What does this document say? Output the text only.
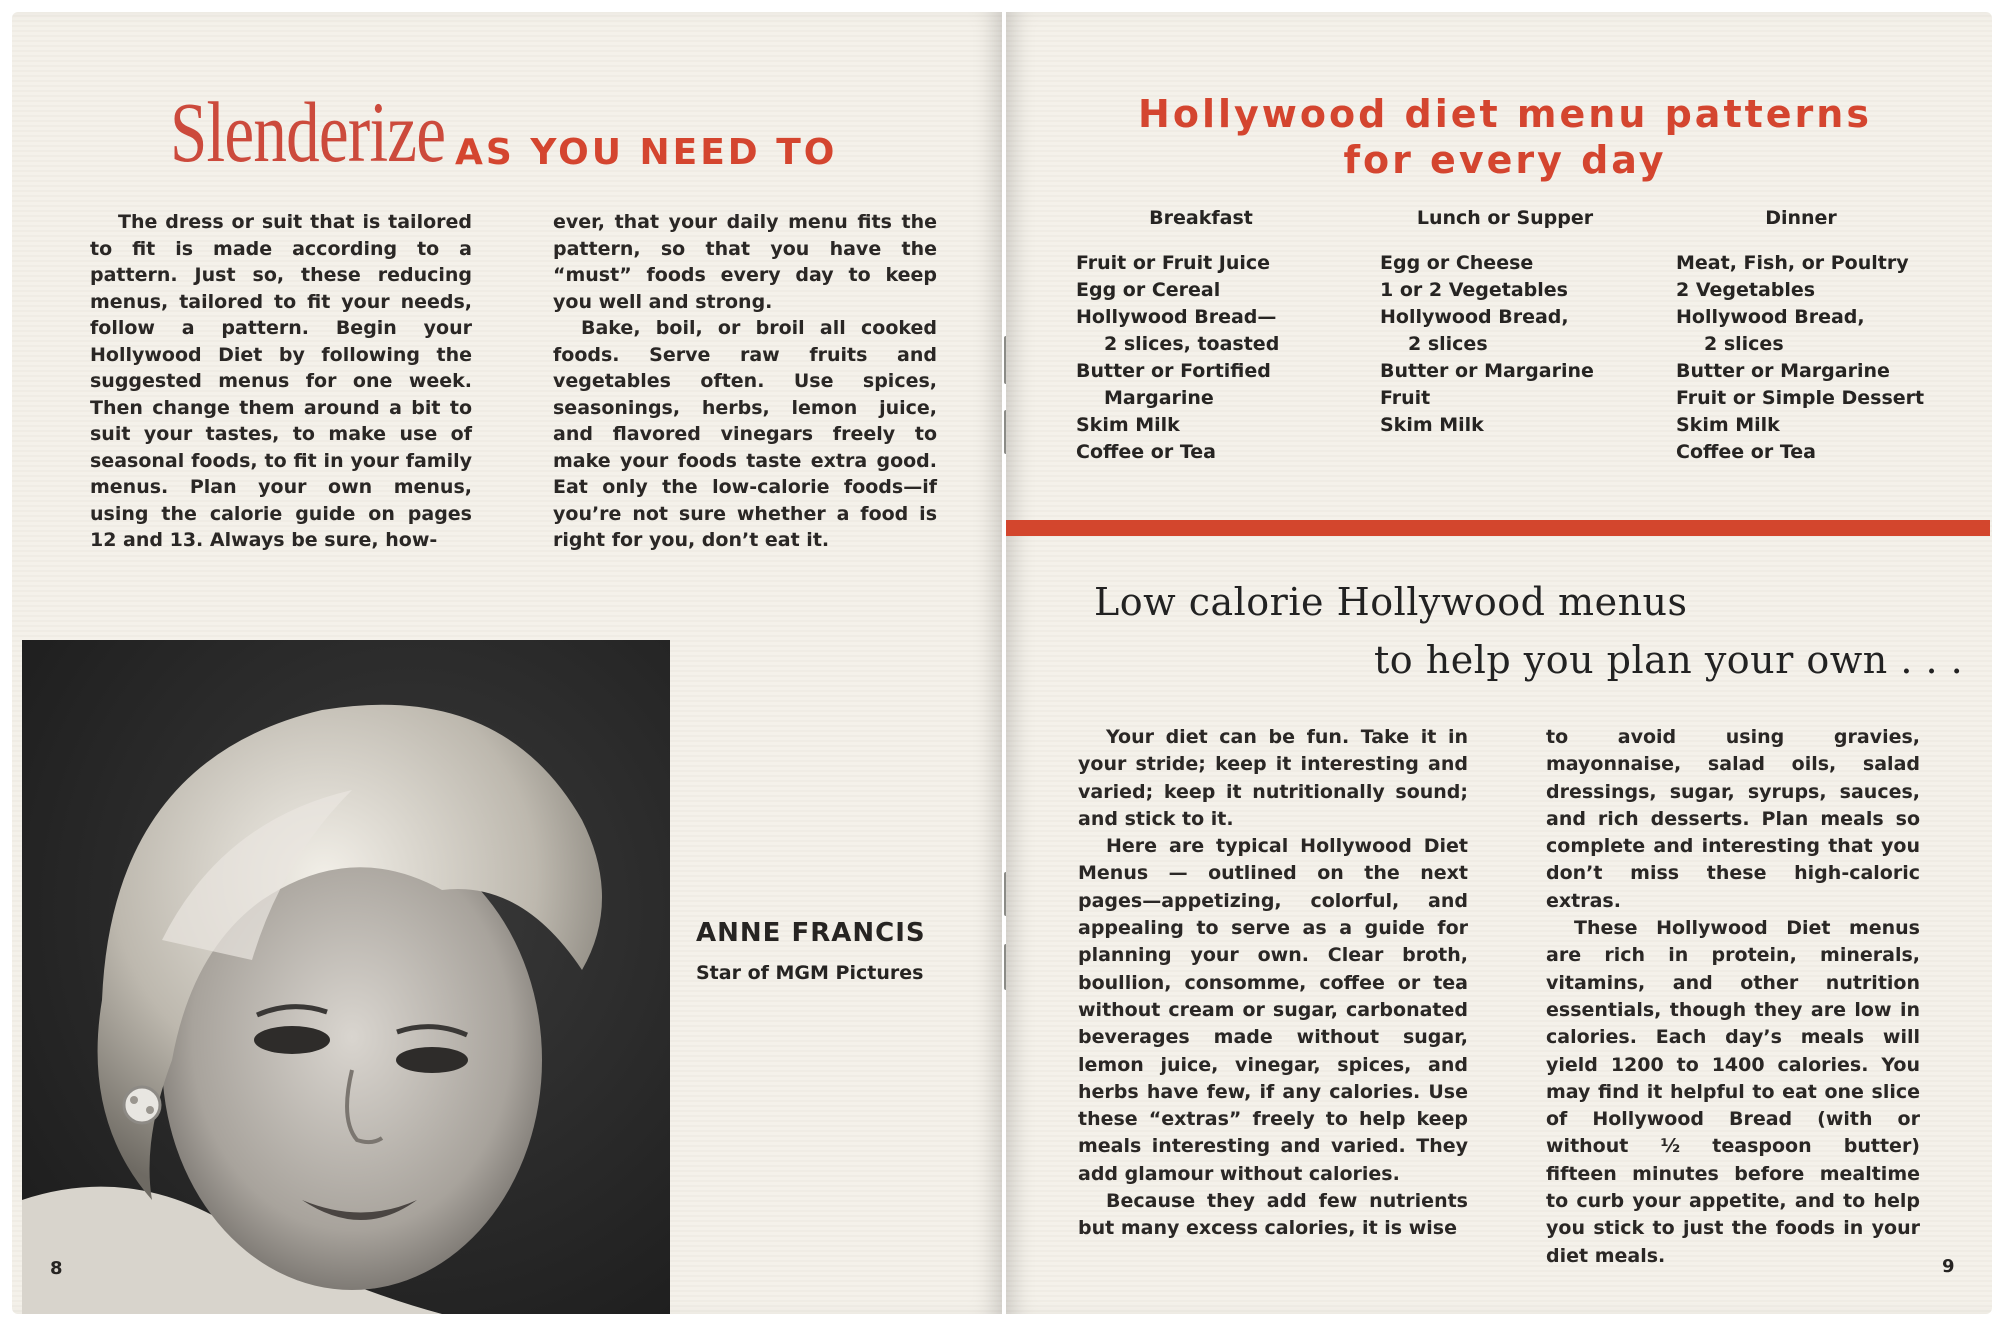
Slenderize AS YOU NEED TO

The dress or suit that is tailored to fit is made according to a pattern. Just so, these reducing menus, tailored to fit your needs, follow a pattern. Begin your Hollywood Diet by following the suggested menus for one week. Then change them around a bit to suit your tastes, to make use of seasonal foods, to fit in your family menus. Plan your own menus, using the calorie guide on pages 12 and 13. Always be sure, how-

ever, that your daily menu fits the pattern, so that you have the “must” foods every day to keep you well and strong.

Bake, boil, or broil all cooked foods. Serve raw fruits and vegetables often. Use spices, seasonings, herbs, lemon juice, and flavored vinegars freely to make your foods taste extra good. Eat only the low-calorie foods—if you’re not sure whether a food is right for you, don’t eat it.

ANNE FRANCIS
Star of MGM Pictures
8
Hollywood diet menu patterns
for every day
Breakfast
Fruit or Fruit Juice
Egg or Cereal
Hollywood Bread—
2 slices, toasted
Butter or Fortified
Margarine
Skim Milk
Coffee or Tea
Lunch or Supper
Egg or Cheese
1 or 2 Vegetables
Hollywood Bread,
2 slices
Butter or Margarine
Fruit
Skim Milk
Dinner
Meat, Fish, or Poultry
2 Vegetables
Hollywood Bread,
2 slices
Butter or Margarine
Fruit or Simple Dessert
Skim Milk
Coffee or Tea
Low calorie Hollywood menus
to help you plan your own . . .

Your diet can be fun. Take it in your stride; keep it interesting and varied; keep it nutritionally sound; and stick to it.

Here are typical Hollywood Diet Menus — outlined on the next pages—appetizing, colorful, and appealing to serve as a guide for planning your own. Clear broth, boullion, consomme, coffee or tea without cream or sugar, carbonated beverages made without sugar, lemon juice, vinegar, spices, and herbs have few, if any calories. Use these “extras” freely to help keep meals interesting and varied. They add glamour without calories.

Because they add few nutrients but many excess calories, it is wise

to avoid using gravies, mayonnaise, salad oils, salad dressings, sugar, syrups, sauces, and rich desserts. Plan meals so complete and interesting that you don’t miss these high-caloric extras.

These Hollywood Diet menus are rich in protein, minerals, vitamins, and other nutrition essentials, though they are low in calories. Each day’s meals will yield 1200 to 1400 calories. You may find it helpful to eat one slice of Hollywood Bread (with or without ½ teaspoon butter) fifteen minutes before mealtime to curb your appetite, and to help you stick to just the foods in your diet meals.	9
